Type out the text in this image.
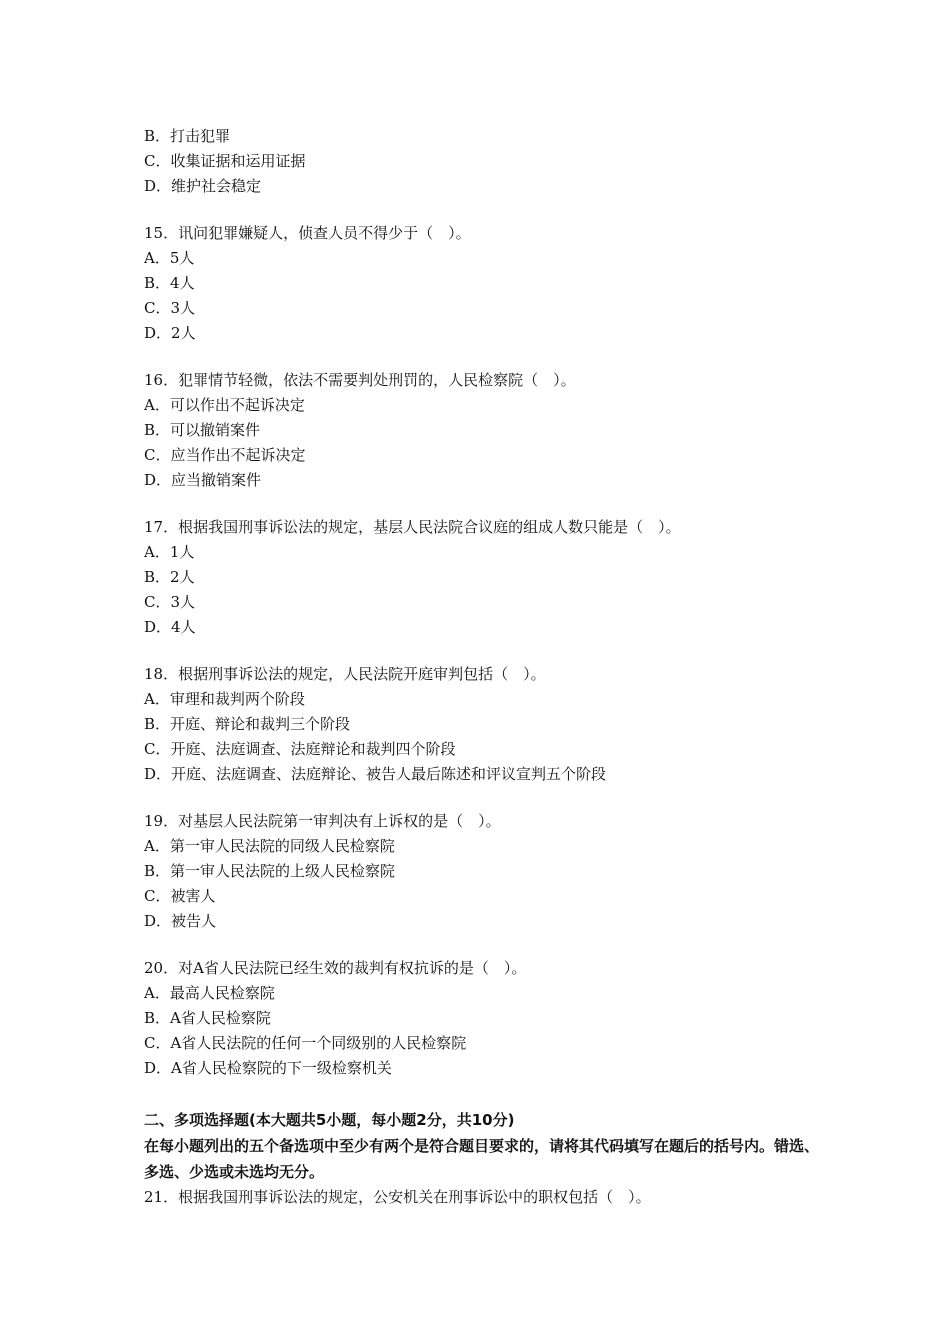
B．打击犯罪
C．收集证据和运用证据
D．维护社会稳定
15．讯问犯罪嫌疑人，侦查人员不得少于（　）。
A．5人
B．4人
C．3人
D．2人
16．犯罪情节轻微，依法不需要判处刑罚的，人民检察院（　）。
A．可以作出不起诉决定
B．可以撤销案件
C．应当作出不起诉决定
D．应当撤销案件
17．根据我国刑事诉讼法的规定，基层人民法院合议庭的组成人数只能是（　）。
A．1人
B．2人
C．3人
D．4人
18．根据刑事诉讼法的规定，人民法院开庭审判包括（　）。
A．审理和裁判两个阶段
B．开庭、辩论和裁判三个阶段
C．开庭、法庭调查、法庭辩论和裁判四个阶段
D．开庭、法庭调查、法庭辩论、被告人最后陈述和评议宣判五个阶段
19．对基层人民法院第一审判决有上诉权的是（　）。
A．第一审人民法院的同级人民检察院
B．第一审人民法院的上级人民检察院
C．被害人
D．被告人
20．对A省人民法院已经生效的裁判有权抗诉的是（　）。
A．最高人民检察院
B．A省人民检察院
C．A省人民法院的任何一个同级别的人民检察院
D．A省人民检察院的下一级检察机关
二、多项选择题(本大题共5小题，每小题2分，共10分)
在每小题列出的五个备选项中至少有两个是符合题目要求的，请将其代码填写在题后的括号内。错选、多选、少选或未选均无分。
21．根据我国刑事诉讼法的规定，公安机关在刑事诉讼中的职权包括（　）。
